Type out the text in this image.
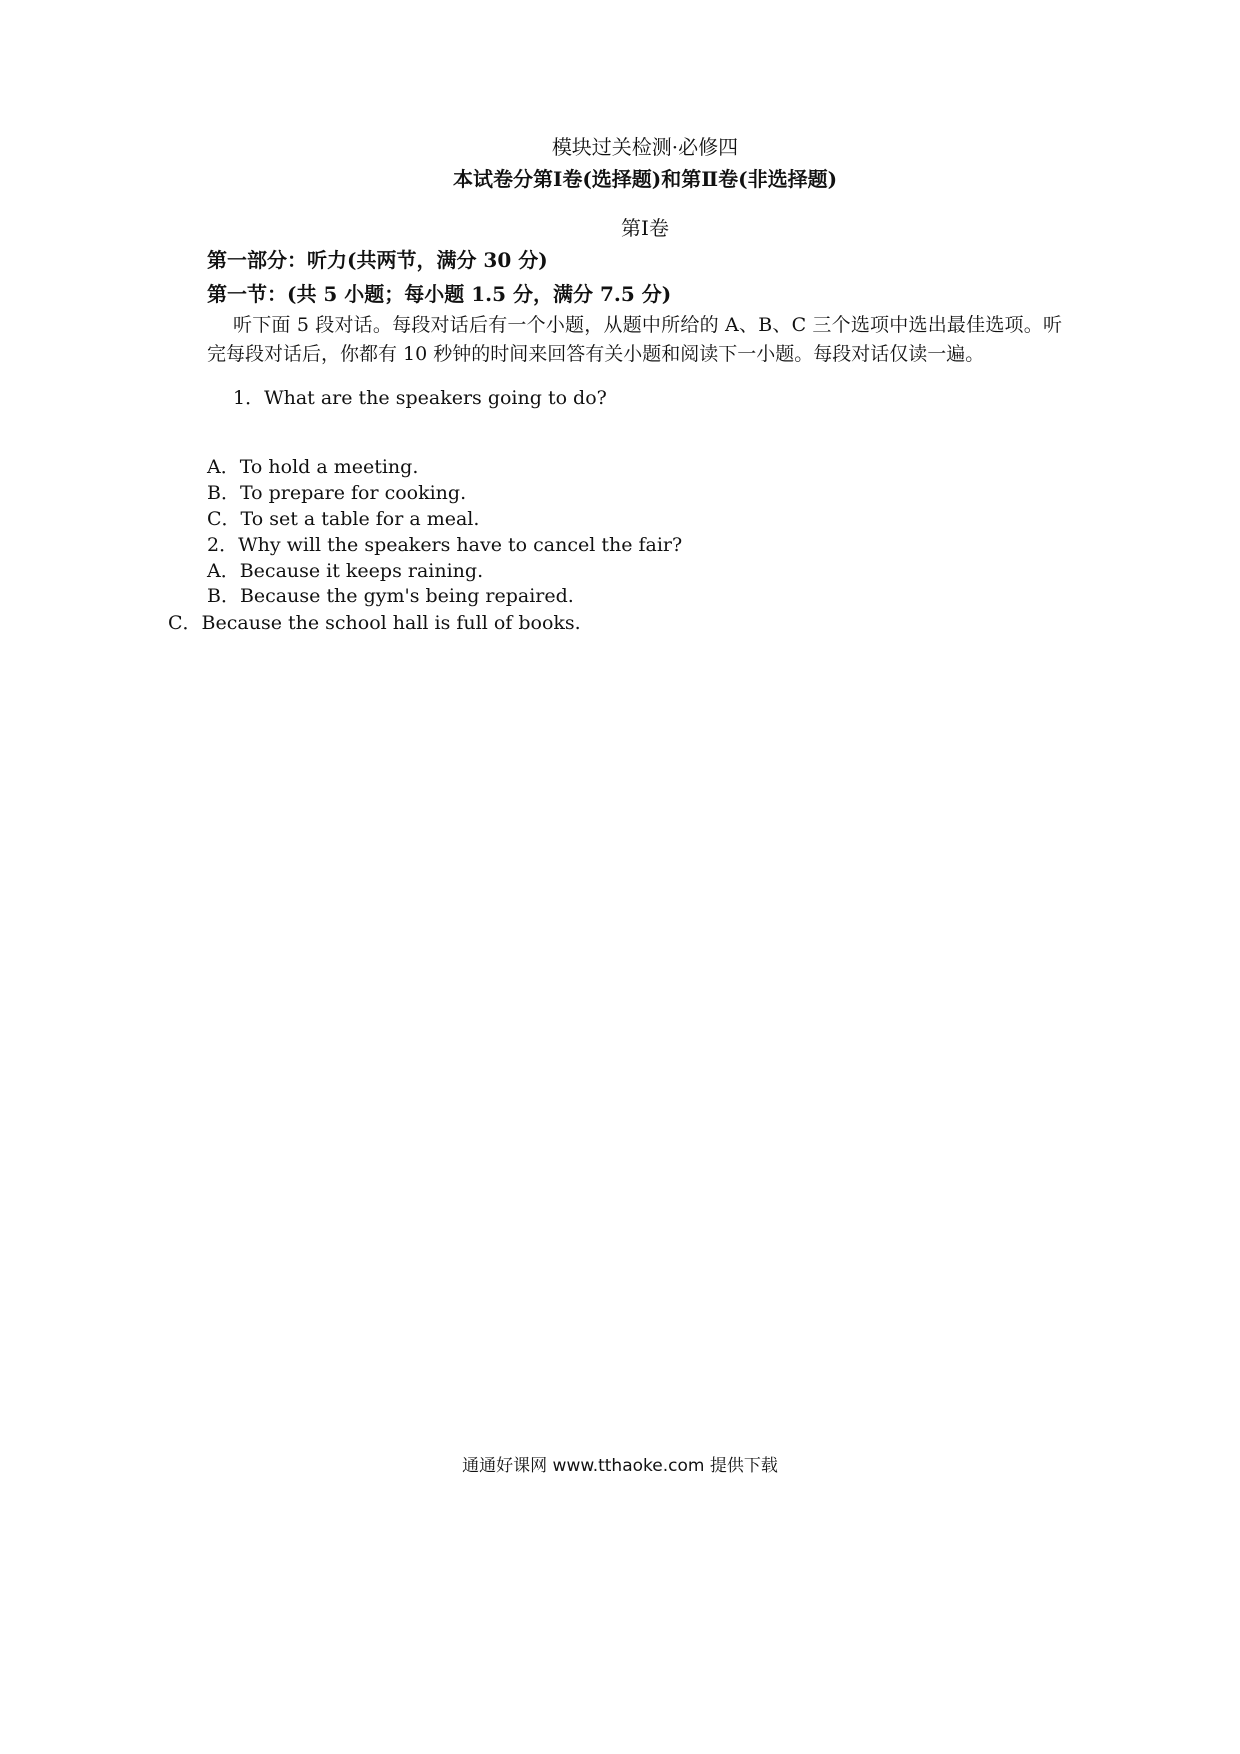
模块过关检测·必修四
本试卷分第Ⅰ卷(选择题)和第Ⅱ卷(非选择题)
第Ⅰ卷
第一部分：听力(共两节，满分 30 分)
第一节：(共 5 小题；每小题 1.5 分，满分 7.5 分)
听下面 5 段对话。每段对话后有一个小题，从题中所给的 A、B、C 三个选项中选出最佳选项。听完每段对话后，你都有 10 秒钟的时间来回答有关小题和阅读下一小题。每段对话仅读一遍。
1．What are the speakers going to do?
A．To hold a meeting.
B．To prepare for cooking.
C．To set a table for a meal.
2．Why will the speakers have to cancel the fair?
A．Because it keeps raining.
B．Because the gym's being repaired.
C．Because the school hall is full of books.
通通好课网 www.tthaoke.com 提供下载
